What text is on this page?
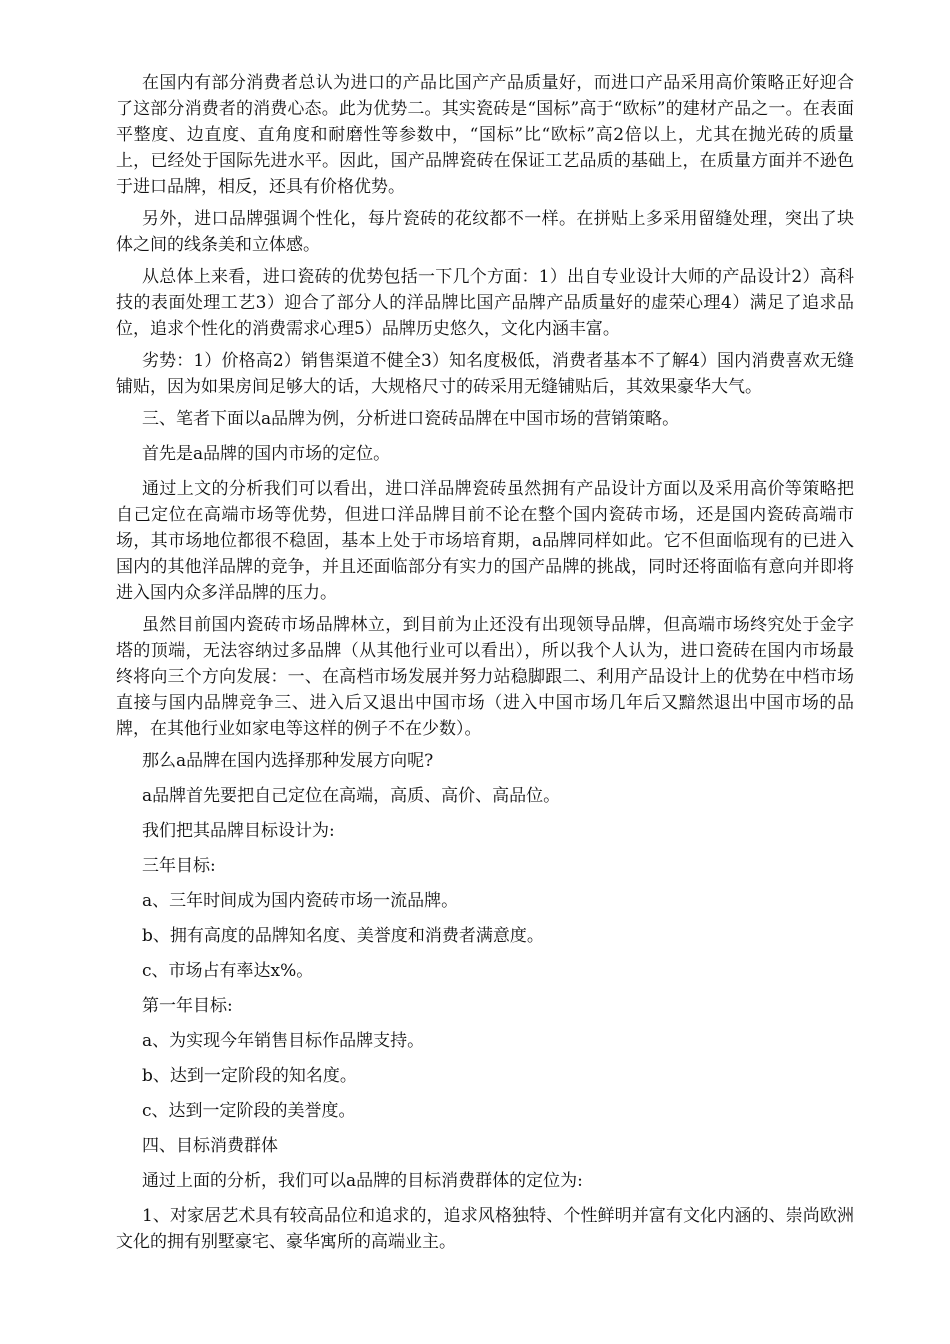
在国内有部分消费者总认为进口的产品比国产产品质量好，而进口产品采用高价策略正好迎合了这部分消费者的消费心态。此为优势二。其实瓷砖是“国标”高于“欧标”的建材产品之一。在表面平整度、边直度、直角度和耐磨性等参数中，“国标”比“欧标”高2倍以上，尤其在抛光砖的质量上，已经处于国际先进水平。因此，国产品牌瓷砖在保证工艺品质的基础上，在质量方面并不逊色于进口品牌，相反，还具有价格优势。

另外，进口品牌强调个性化，每片瓷砖的花纹都不一样。在拼贴上多采用留缝处理，突出了块体之间的线条美和立体感。

从总体上来看，进口瓷砖的优势包括一下几个方面：1）出自专业设计大师的产品设计2）高科技的表面处理工艺3）迎合了部分人的洋品牌比国产品牌产品质量好的虚荣心理4）满足了追求品位，追求个性化的消费需求心理5）品牌历史悠久，文化内涵丰富。

劣势：1）价格高2）销售渠道不健全3）知名度极低，消费者基本不了解4）国内消费喜欢无缝铺贴，因为如果房间足够大的话，大规格尺寸的砖采用无缝铺贴后，其效果豪华大气。

三、笔者下面以a品牌为例，分析进口瓷砖品牌在中国市场的营销策略。

首先是a品牌的国内市场的定位。

通过上文的分析我们可以看出，进口洋品牌瓷砖虽然拥有产品设计方面以及采用高价等策略把自己定位在高端市场等优势，但进口洋品牌目前不论在整个国内瓷砖市场，还是国内瓷砖高端市场，其市场地位都很不稳固，基本上处于市场培育期，a品牌同样如此。它不但面临现有的已进入国内的其他洋品牌的竞争，并且还面临部分有实力的国产品牌的挑战，同时还将面临有意向并即将进入国内众多洋品牌的压力。

虽然目前国内瓷砖市场品牌林立，到目前为止还没有出现领导品牌，但高端市场终究处于金字塔的顶端，无法容纳过多品牌（从其他行业可以看出），所以我个人认为，进口瓷砖在国内市场最终将向三个方向发展：一、在高档市场发展并努力站稳脚跟二、利用产品设计上的优势在中档市场直接与国内品牌竞争三、进入后又退出中国市场（进入中国市场几年后又黯然退出中国市场的品牌，在其他行业如家电等这样的例子不在少数）。

那么a品牌在国内选择那种发展方向呢?

a品牌首先要把自己定位在高端，高质、高价、高品位。

我们把其品牌目标设计为:

三年目标:

a、三年时间成为国内瓷砖市场一流品牌。

b、拥有高度的品牌知名度、美誉度和消费者满意度。

c、市场占有率达x%。

第一年目标:

a、为实现今年销售目标作品牌支持。

b、达到一定阶段的知名度。

c、达到一定阶段的美誉度。

四、目标消费群体

通过上面的分析，我们可以a品牌的目标消费群体的定位为:

1、对家居艺术具有较高品位和追求的，追求风格独特、个性鲜明并富有文化内涵的、崇尚欧洲文化的拥有别墅豪宅、豪华寓所的高端业主。
